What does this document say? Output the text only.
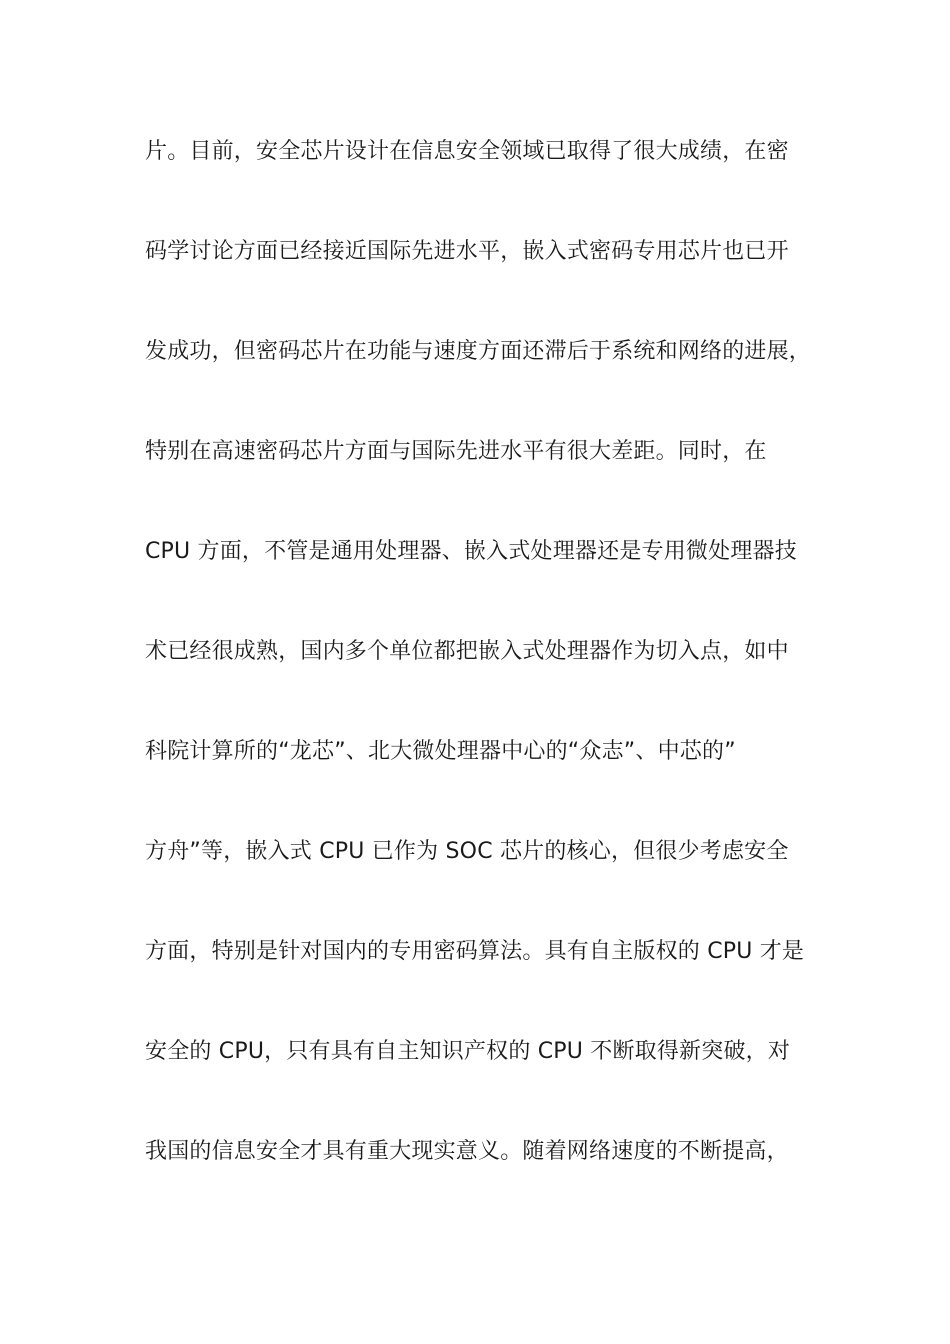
片。目前，安全芯片设计在信息安全领域已取得了很大成绩，在密
码学讨论方面已经接近国际先进水平，嵌入式密码专用芯片也已开
发成功，但密码芯片在功能与速度方面还滞后于系统和网络的进展，
特别在高速密码芯片方面与国际先进水平有很大差距。同时，在
CPU 方面，不管是通用处理器、嵌入式处理器还是专用微处理器技
术已经很成熟，国内多个单位都把嵌入式处理器作为切入点，如中
科院计算所的“龙芯”、北大微处理器中心的“众志”、中芯的”
方舟”等，嵌入式 CPU 已作为 SOC 芯片的核心，但很少考虑安全
方面，特别是针对国内的专用密码算法。具有自主版权的 CPU 才是
安全的 CPU，只有具有自主知识产权的 CPU 不断取得新突破，对
我国的信息安全才具有重大现实意义。随着网络速度的不断提高，
